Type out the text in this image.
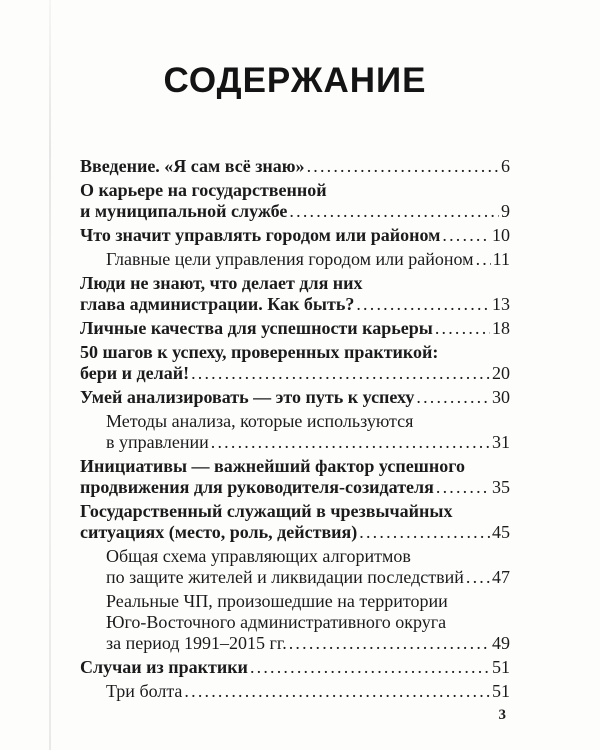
СОДЕРЖАНИЕ
Введение. «Я сам всё знаю» .....	6
О карьере на государственной
и муниципальной службе .....	9
Что значит управлять городом или районом .....	10
Главные цели управления городом или районом ..... 11
Люди не знают, что делает для них
глава администрации. Как быть? .....	13
Личные качества для успешности карьеры .....	18
50 шагов к успеху, проверенных практикой:
бери и делай! .....	20
Умей анализировать — это путь к успеху .....	30
Методы анализа, которые используются
в управлении .....	31
Инициативы — важнейший фактор успешного
продвижения для руководителя-созидателя .....	35
Государственный служащий в чрезвычайных
ситуациях (место, роль, действия) .....	45
Общая схема управляющих алгоритмов
по защите жителей и ликвидации последствий ..... 47
Реальные ЧП, произошедшие на территории
Юго-Восточного административного округа
за период 1991–2015 гг. .....	49
Случаи из практики .....	51
Три болта .....	51
3
